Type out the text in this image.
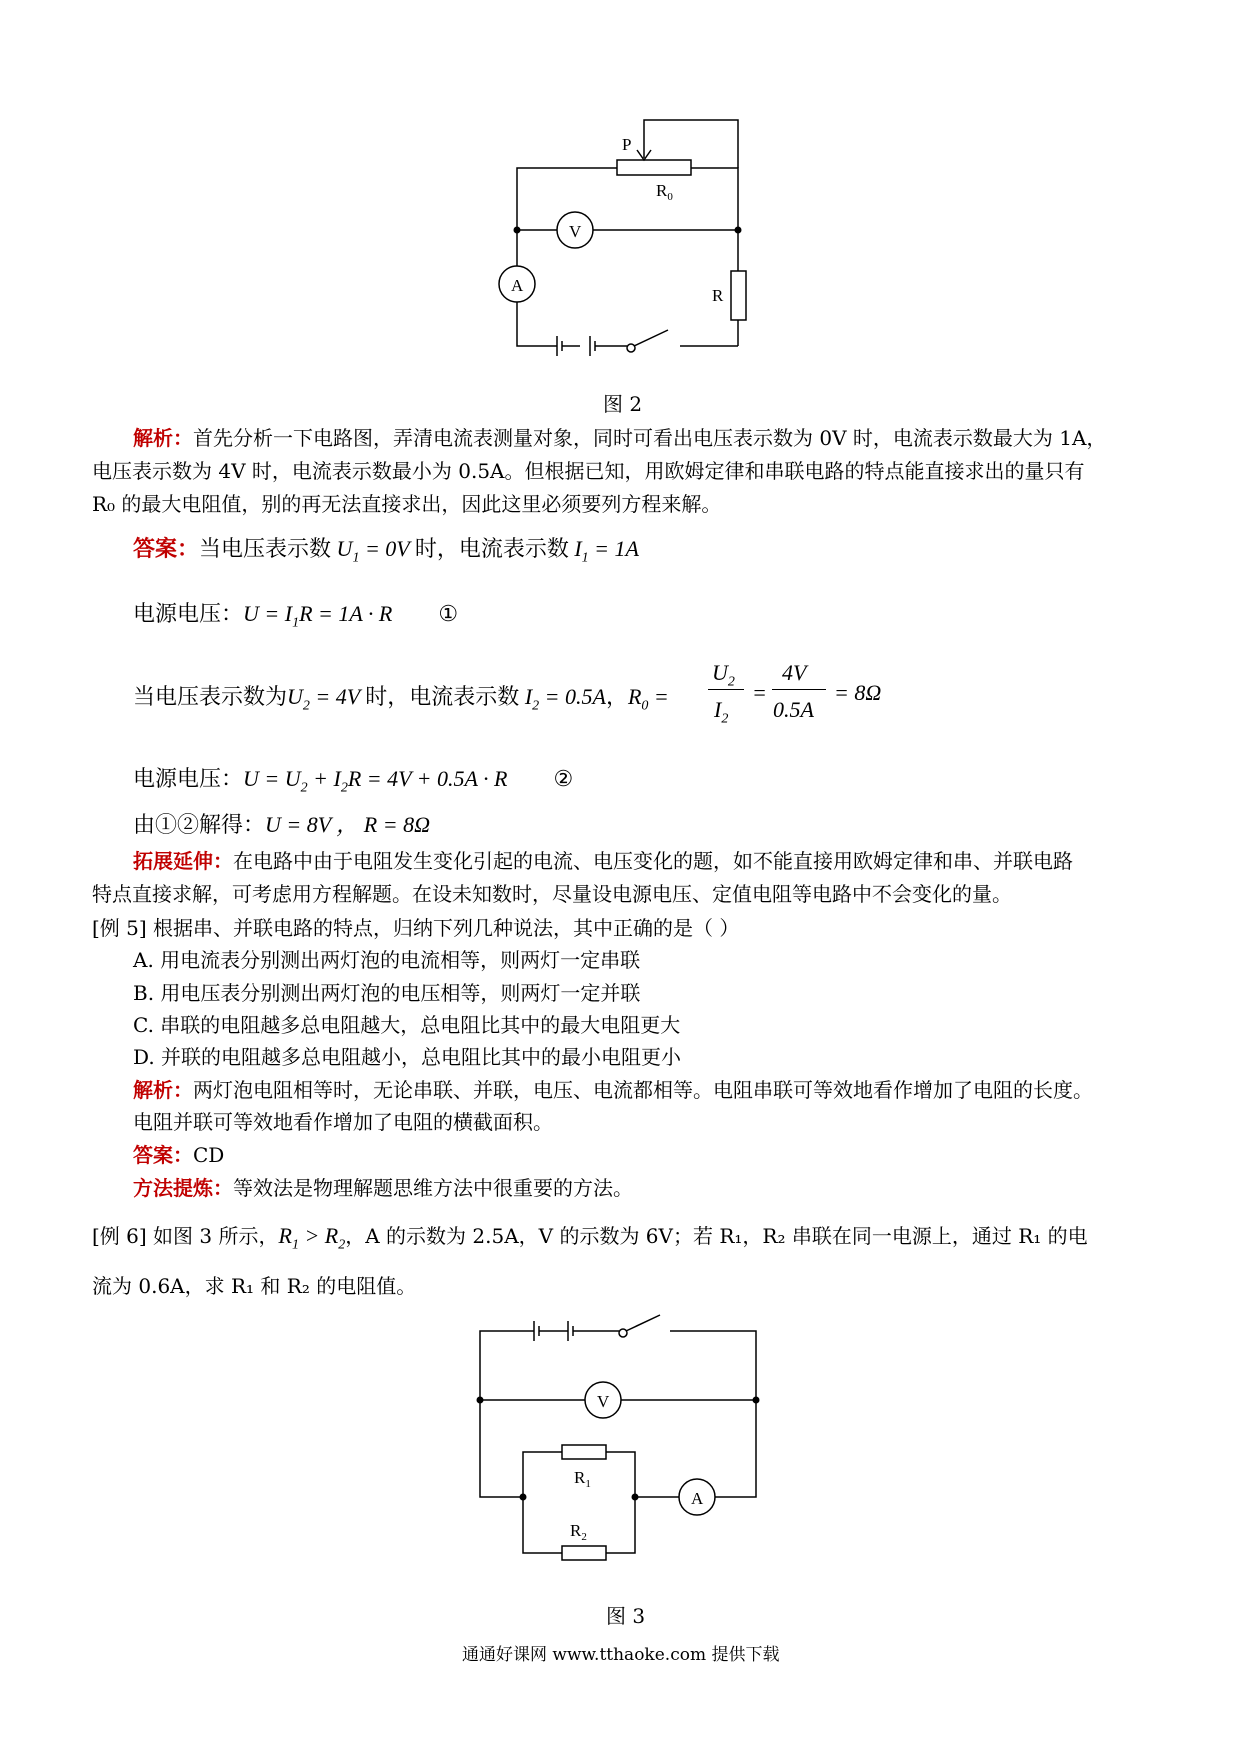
P
$R_0$
V
A
R
图 2
解析：首先分析一下电路图，弄清电流表测量对象，同时可看出电压表示数为 0V 时，电流表示数最大为 1A，
电压表示数为 4V 时，电流表示数最小为 0.5A。但根据已知，用欧姆定律和串联电路的特点能直接求出的量只有
R₀ 的最大电阻值，别的再无法直接求出，因此这里必须要列方程来解。
答案：当电压表示数 $U_1 = 0V$ 时，电流表示数 $I_1 = 1A$
电源电压：$U = I_1R = 1A \cdot R$ ①
当电压表示数为$U_2 = 4V$ 时，电流表示数 $I_2 = 0.5A$，$R_0$ =
$U_2$
$I_2$
=
4V
0.5A
= 8Ω
电源电压：$U = U_2 + I_2R = 4V + 0.5A \cdot R$ ②
由①②解得：U = 8V ， R = 8Ω
拓展延伸：在电路中由于电阻发生变化引起的电流、电压变化的题，如不能直接用欧姆定律和串、并联电路
特点直接求解，可考虑用方程解题。在设未知数时，尽量设电源电压、定值电阻等电路中不会变化的量。
[例 5] 根据串、并联电路的特点，归纳下列几种说法，其中正确的是（ ）
A. 用电流表分别测出两灯泡的电流相等，则两灯一定串联
B. 用电压表分别测出两灯泡的电压相等，则两灯一定并联
C. 串联的电阻越多总电阻越大，总电阻比其中的最大电阻更大
D. 并联的电阻越多总电阻越小，总电阻比其中的最小电阻更小
解析：两灯泡电阻相等时，无论串联、并联，电压、电流都相等。电阻串联可等效地看作增加了电阻的长度。
电阻并联可等效地看作增加了电阻的横截面积。
答案：CD
方法提炼：等效法是物理解题思维方法中很重要的方法。
[例 6] 如图 3 所示，$R_1 > R_2$，A 的示数为 2.5A，V 的示数为 6V；若 R₁，R₂ 串联在同一电源上，通过 R₁ 的电
流为 0.6A，求 R₁ 和 R₂ 的电阻值。
V
A
$R_1$
$R_2$
图 3
通通好课网 www.tthaoke.com 提供下载
